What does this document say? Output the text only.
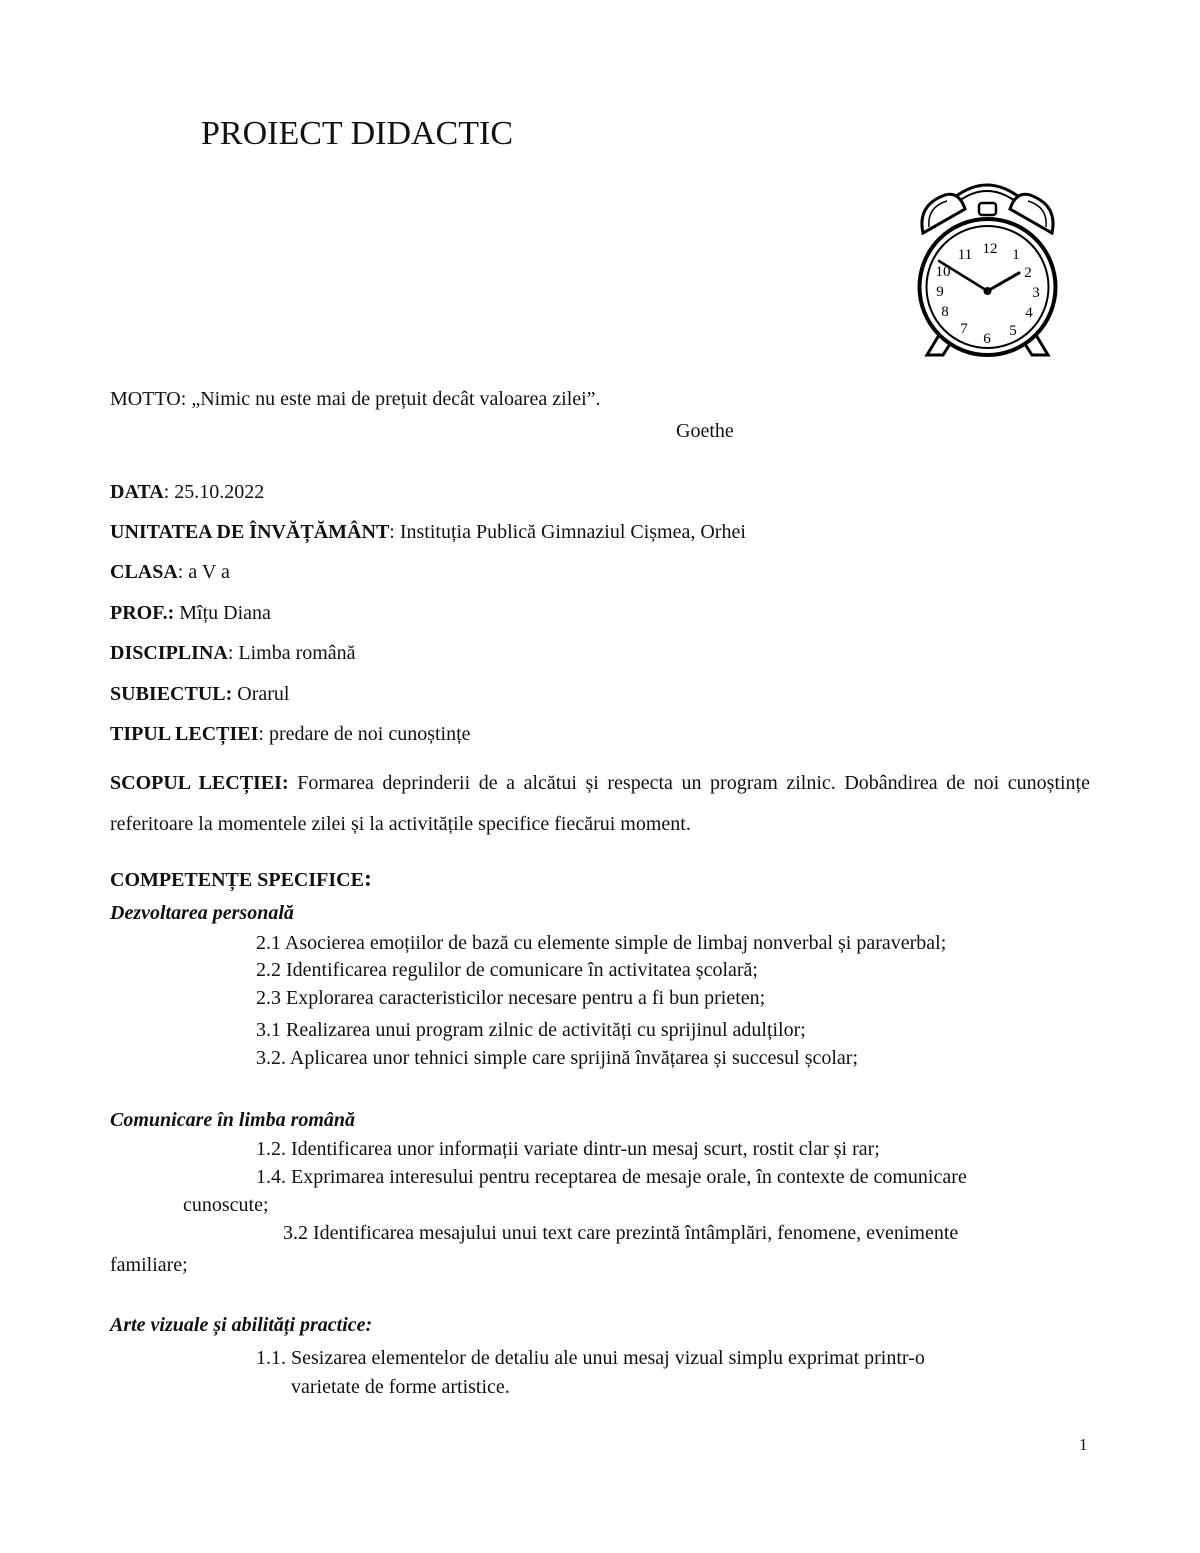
PROIECT DIDACTIC
12 1
2
3
4
5
6
7
8
9
10
11
MOTTO: „Nimic nu este mai de prețuit decât valoarea zilei”.
Goethe
DATA: 25.10.2022
UNITATEA DE ÎNVĂȚĂMÂNT: Instituția Publică Gimnaziul Cișmea, Orhei
CLASA: a V a
PROF.: Mîțu Diana
DISCIPLINA: Limba română
SUBIECTUL: Orarul
TIPUL LECȚIEI: predare de noi cunoștințe
SCOPUL LECȚIEI: Formarea deprinderii de a alcătui și respecta un program zilnic. Dobândirea de noi cunoștințe referitoare la momentele zilei și la activitățile specifice fiecărui moment.
COMPETENȚE SPECIFICE:
Dezvoltarea personală
2.1 Asocierea emoțiilor de bază cu elemente simple de limbaj nonverbal și paraverbal;
2.2 Identificarea regulilor de comunicare în activitatea școlară;
2.3 Explorarea caracteristicilor necesare pentru a fi bun prieten;
3.1 Realizarea unui program zilnic de activități cu sprijinul adulților;
3.2. Aplicarea unor tehnici simple care sprijină învățarea și succesul școlar;
Comunicare în limba română
1.2. Identificarea unor informații variate dintr-un mesaj scurt, rostit clar și rar;
1.4. Exprimarea interesului pentru receptarea de mesaje orale, în contexte de comunicare
cunoscute;
3.2 Identificarea mesajului unui text care prezintă întâmplări, fenomene, evenimente
familiare;
Arte vizuale și abilități practice:
1.1. Sesizarea elementelor de detaliu ale unui mesaj vizual simplu exprimat printr-o
varietate de forme artistice.
1
